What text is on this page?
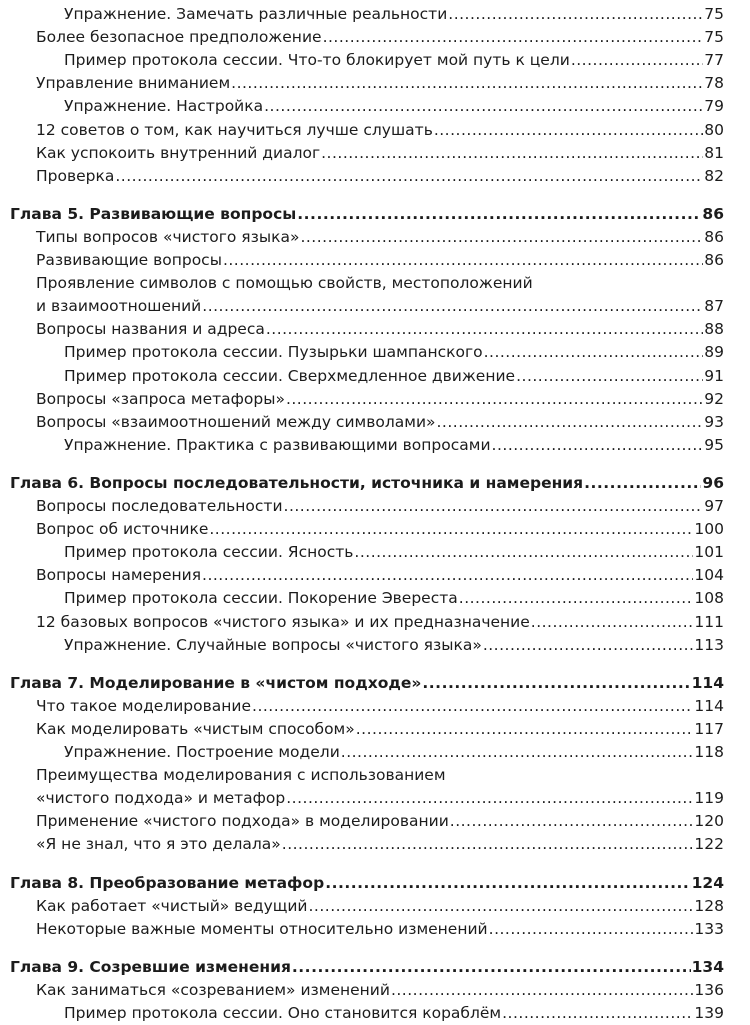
Упражнение. Замечать различные реальности .....	75
Более безопасное предположение .....	75
Пример протокола сессии. Что-то блокирует мой путь к цели .....	77
Управление вниманием .....	78
Упражнение. Настройка .....	79
12 советов о том, как научиться лучше слушать .....	80
Как успокоить внутренний диалог .....	81
Проверка .....	82
Глава 5. Развивающие вопросы .....	86
Типы вопросов «чистого языка» .....	86
Развивающие вопросы .....	86
Проявление символов с помощью свойств, местоположений
и взаимоотношений .....	87
Вопросы названия и адреса .....	88
Пример протокола сессии. Пузырьки шампанского .....	89
Пример протокола сессии. Сверхмедленное движение .....	91
Вопросы «запроса метафоры» .....	92
Вопросы «взаимоотношений между символами» .....	93
Упражнение. Практика с развивающими вопросами .....	95
Глава 6. Вопросы последовательности, источника и намерения .....	96
Вопросы последовательности .....	97
Вопрос об источнике .....	100
Пример протокола сессии. Ясность .....	101
Вопросы намерения .....	104
Пример протокола сессии. Покорение Эвереста .....	108
12 базовых вопросов «чистого языка» и их предназначение .....	111
Упражнение. Случайные вопросы «чистого языка» .....	113
Глава 7. Моделирование в «чистом подходе» .....	114
Что такое моделирование .....	114
Как моделировать «чистым способом» .....	117
Упражнение. Построение модели .....	118
Преимущества моделирования с использованием
«чистого подхода» и метафор .....	119
Применение «чистого подхода» в моделировании .....	120
«Я не знал, что я это делала» .....	122
Глава 8. Преобразование метафор .....	124
Как работает «чистый» ведущий .....	128
Некоторые важные моменты относительно изменений .....	133
Глава 9. Созревшие изменения .....	134
Как заниматься «созреванием» изменений .....	136
Пример протокола сессии. Оно становится кораблём .....	139
